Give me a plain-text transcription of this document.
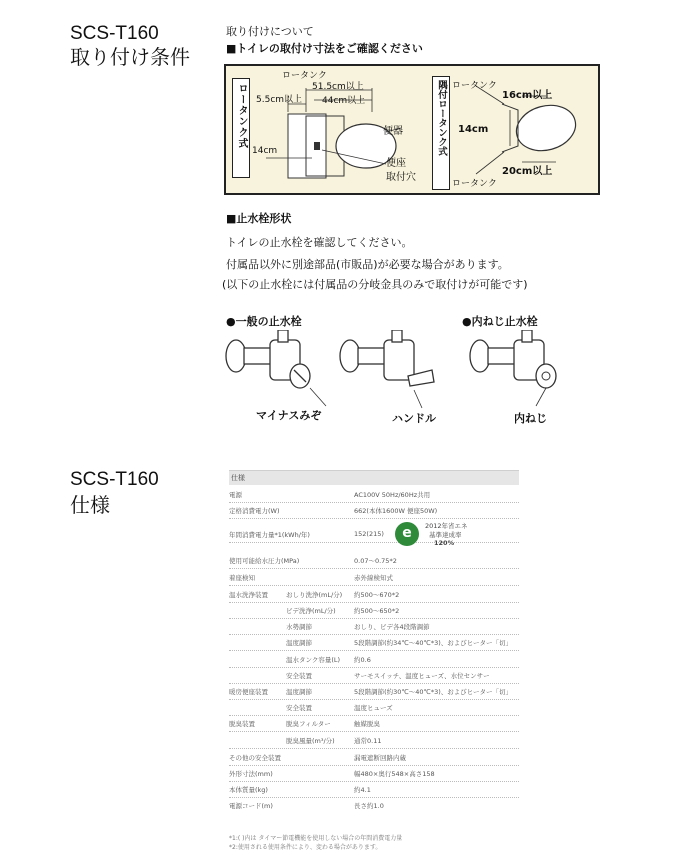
SCS-T160
取り付け条件
取り付けについて
■トイレの取付け寸法をご確認ください
ロータンク式	隅付ロータンク式
ロータンク
51.5cm以上
5.5cm以上 44cm以上
14cm
便器
便座
取付穴
ロータンク
16cm以上
14cm
20cm以上
ロータンク
■止水栓形状
トイレの止水栓を確認してください。
付属品以外に別途部品(市販品)が必要な場合があります。
(以下の止水栓には付属品の分岐金具のみで取付けが可能です)
●一般の止水栓	●内ねじ止水栓
マイナスみぞ	ハンドル	内ねじ
SCS-T160
仕様
仕様
電源	AC100V 50Hz/60Hz共用
定格消費電力(W)	662(本体1600W 便座50W)
年間消費電力量*1(kWh/年)	152(215)
使用可能給水圧力(MPa)	0.07〜0.75*2
着座検知	赤外線検知式
温水洗浄装置	おしり洗浄(mL/分) 約500〜670*2
ビデ洗浄(mL/分)	約500〜650*2
水勢調節	おしり、ビデ各4段階調節
温度調節	5段階調節(約34℃〜40℃*3)、およびヒーター「切」
温水タンク容量(L) 約0.6
安全装置	サーモスイッチ、温度ヒューズ、水位センサー
暖房便座装置	温度調節	5段階調節(約30℃〜40℃*3)、およびヒーター「切」
安全装置	温度ヒューズ
脱臭装置	脱臭フィルター	触媒脱臭
脱臭風量(m³/分)	通常0.11
その他の安全装置	漏電遮断回路内蔵
外形寸法(mm)	幅480×奥行548×高さ158
本体質量(kg)	約4.1
電源コード(m)	長さ約1.0
e	2012年省エネ
基準達成率
120%
*1:( )内は タイマー節電機能を使用しない場合の年間消費電力量
*2:使用される使用条件により、変わる場合があります。
